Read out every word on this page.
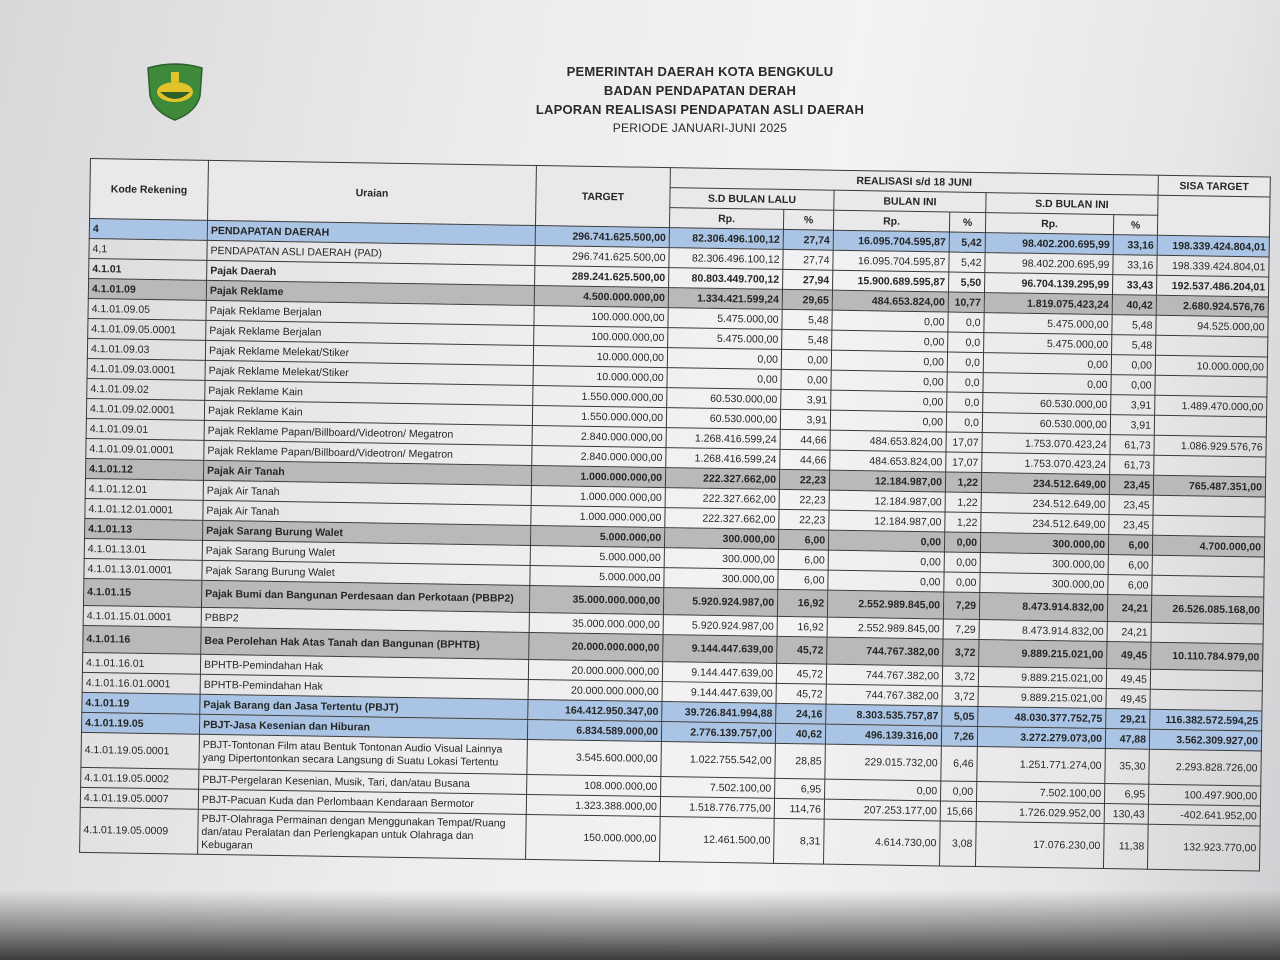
PEMERINTAH DAERAH KOTA BENGKULU
BADAN PENDAPATAN DERAH
LAPORAN REALISASI PENDAPATAN ASLI DAERAH
PERIODE JANUARI-JUNI 2025
Kode Rekening	Uraian	TARGET	REALISASI s/d 18 JUNI						SISA TARGET
			S.D BULAN LALU		BULAN INI		S.D BULAN INI		
			Rp.	%	Rp.	%	Rp.	%	
4	PENDAPATAN DAERAH	296.741.625.500,00	82.306.496.100,12	27,74	16.095.704.595,87	5,42	98.402.200.695,99	33,16	198.339.424.804,01
4,1	PENDAPATAN ASLI DAERAH (PAD)	296.741.625.500,00	82.306.496.100,12	27,74	16.095.704.595,87	5,42	98.402.200.695,99	33,16	198.339.424.804,01
4.1.01	Pajak Daerah	289.241.625.500,00	80.803.449.700,12	27,94	15.900.689.595,87	5,50	96.704.139.295,99	33,43	192.537.486.204,01
4.1.01.09	Pajak Reklame	4.500.000.000,00	1.334.421.599,24	29,65	484.653.824,00	10,77	1.819.075.423,24	40,42	2.680.924.576,76
4.1.01.09.05	Pajak Reklame Berjalan	100.000.000,00	5.475.000,00	5,48	0,00	0,0	5.475.000,00	5,48	94.525.000,00
4.1.01.09.05.0001	Pajak Reklame Berjalan	100.000.000,00	5.475.000,00	5,48	0,00	0,0	5.475.000,00	5,48	
4.1.01.09.03	Pajak Reklame Melekat/Stiker	10.000.000,00	0,00	0,00	0,00	0,0	0,00	0,00	10.000.000,00
4.1.01.09.03.0001	Pajak Reklame Melekat/Stiker	10.000.000,00	0,00	0,00	0,00	0,0	0,00	0,00	
4.1.01.09.02	Pajak Reklame Kain	1.550.000.000,00	60.530.000,00	3,91	0,00	0,0	60.530.000,00	3,91	1.489.470.000,00
4.1.01.09.02.0001	Pajak Reklame Kain	1.550.000.000,00	60.530.000,00	3,91	0,00	0,0	60.530.000,00	3,91	
4.1.01.09.01	Pajak Reklame Papan/Billboard/Videotron/ Megatron	2.840.000.000,00	1.268.416.599,24	44,66	484.653.824,00	17,07	1.753.070.423,24	61,73	1.086.929.576,76
4.1.01.09.01.0001	Pajak Reklame Papan/Billboard/Videotron/ Megatron	2.840.000.000,00	1.268.416.599,24	44,66	484.653.824,00	17,07	1.753.070.423,24	61,73	
4.1.01.12	Pajak Air Tanah	1.000.000.000,00	222.327.662,00	22,23	12.184.987,00	1,22	234.512.649,00	23,45	765.487.351,00
4.1.01.12.01	Pajak Air Tanah	1.000.000.000,00	222.327.662,00	22,23	12.184.987,00	1,22	234.512.649,00	23,45	
4.1.01.12.01.0001	Pajak Air Tanah	1.000.000.000,00	222.327.662,00	22,23	12.184.987,00	1,22	234.512.649,00	23,45	
4.1.01.13	Pajak Sarang Burung Walet	5.000.000,00	300.000,00	6,00	0,00	0,00	300.000,00	6,00	4.700.000,00
4.1.01.13.01	Pajak Sarang Burung Walet	5.000.000,00	300.000,00	6,00	0,00	0,00	300.000,00	6,00	
4.1.01.13.01.0001	Pajak Sarang Burung Walet	5.000.000,00	300.000,00	6,00	0,00	0,00	300.000,00	6,00	
4.1.01.15	Pajak Bumi dan Bangunan Perdesaan dan Perkotaan (PBBP2)	35.000.000.000,00	5.920.924.987,00	16,92	2.552.989.845,00	7,29	8.473.914.832,00	24,21	26.526.085.168,00
4.1.01.15.01.0001	PBBP2	35.000.000.000,00	5.920.924.987,00	16,92	2.552.989.845,00	7,29	8.473.914.832,00	24,21	
4.1.01.16	Bea Perolehan Hak Atas Tanah dan Bangunan (BPHTB)	20.000.000.000,00	9.144.447.639,00	45,72	744.767.382,00	3,72	9.889.215.021,00	49,45	10.110.784.979,00
4.1.01.16.01	BPHTB-Pemindahan Hak	20.000.000.000,00	9.144.447.639,00	45,72	744.767.382,00	3,72	9.889.215.021,00	49,45	
4.1.01.16.01.0001	BPHTB-Pemindahan Hak	20.000.000.000,00	9.144.447.639,00	45,72	744.767.382,00	3,72	9.889.215.021,00	49,45	
4.1.01.19	Pajak Barang dan Jasa Tertentu (PBJT)	164.412.950.347,00	39.726.841.994,88	24,16	8.303.535.757,87	5,05	48.030.377.752,75	29,21	116.382.572.594,25
4.1.01.19.05	PBJT-Jasa Kesenian dan Hiburan	6.834.589.000,00	2.776.139.757,00	40,62	496.139.316,00	7,26	3.272.279.073,00	47,88	3.562.309.927,00
4.1.01.19.05.0001	PBJT-Tontonan Film atau Bentuk Tontonan Audio Visual Lainnya yang Dipertontonkan secara Langsung di Suatu Lokasi Tertentu	3.545.600.000,00	1.022.755.542,00	28,85	229.015.732,00	6,46	1.251.771.274,00	35,30	2.293.828.726,00
4.1.01.19.05.0002	PBJT-Pergelaran Kesenian, Musik, Tari, dan/atau Busana	108.000.000,00	7.502.100,00	6,95	0,00	0,00	7.502.100,00	6,95	100.497.900,00
4.1.01.19.05.0007	PBJT-Pacuan Kuda dan Perlombaan Kendaraan Bermotor	1.323.388.000,00	1.518.776.775,00	114,76	207.253.177,00	15,66	1.726.029.952,00	130,43	-402.641.952,00
4.1.01.19.05.0009	PBJT-Olahraga Permainan dengan Menggunakan Tempat/Ruang dan/atau Peralatan dan Perlengkapan untuk Olahraga dan Kebugaran	150.000.000,00	12.461.500,00	8,31	4.614.730,00	3,08	17.076.230,00	11,38	132.923.770,00
